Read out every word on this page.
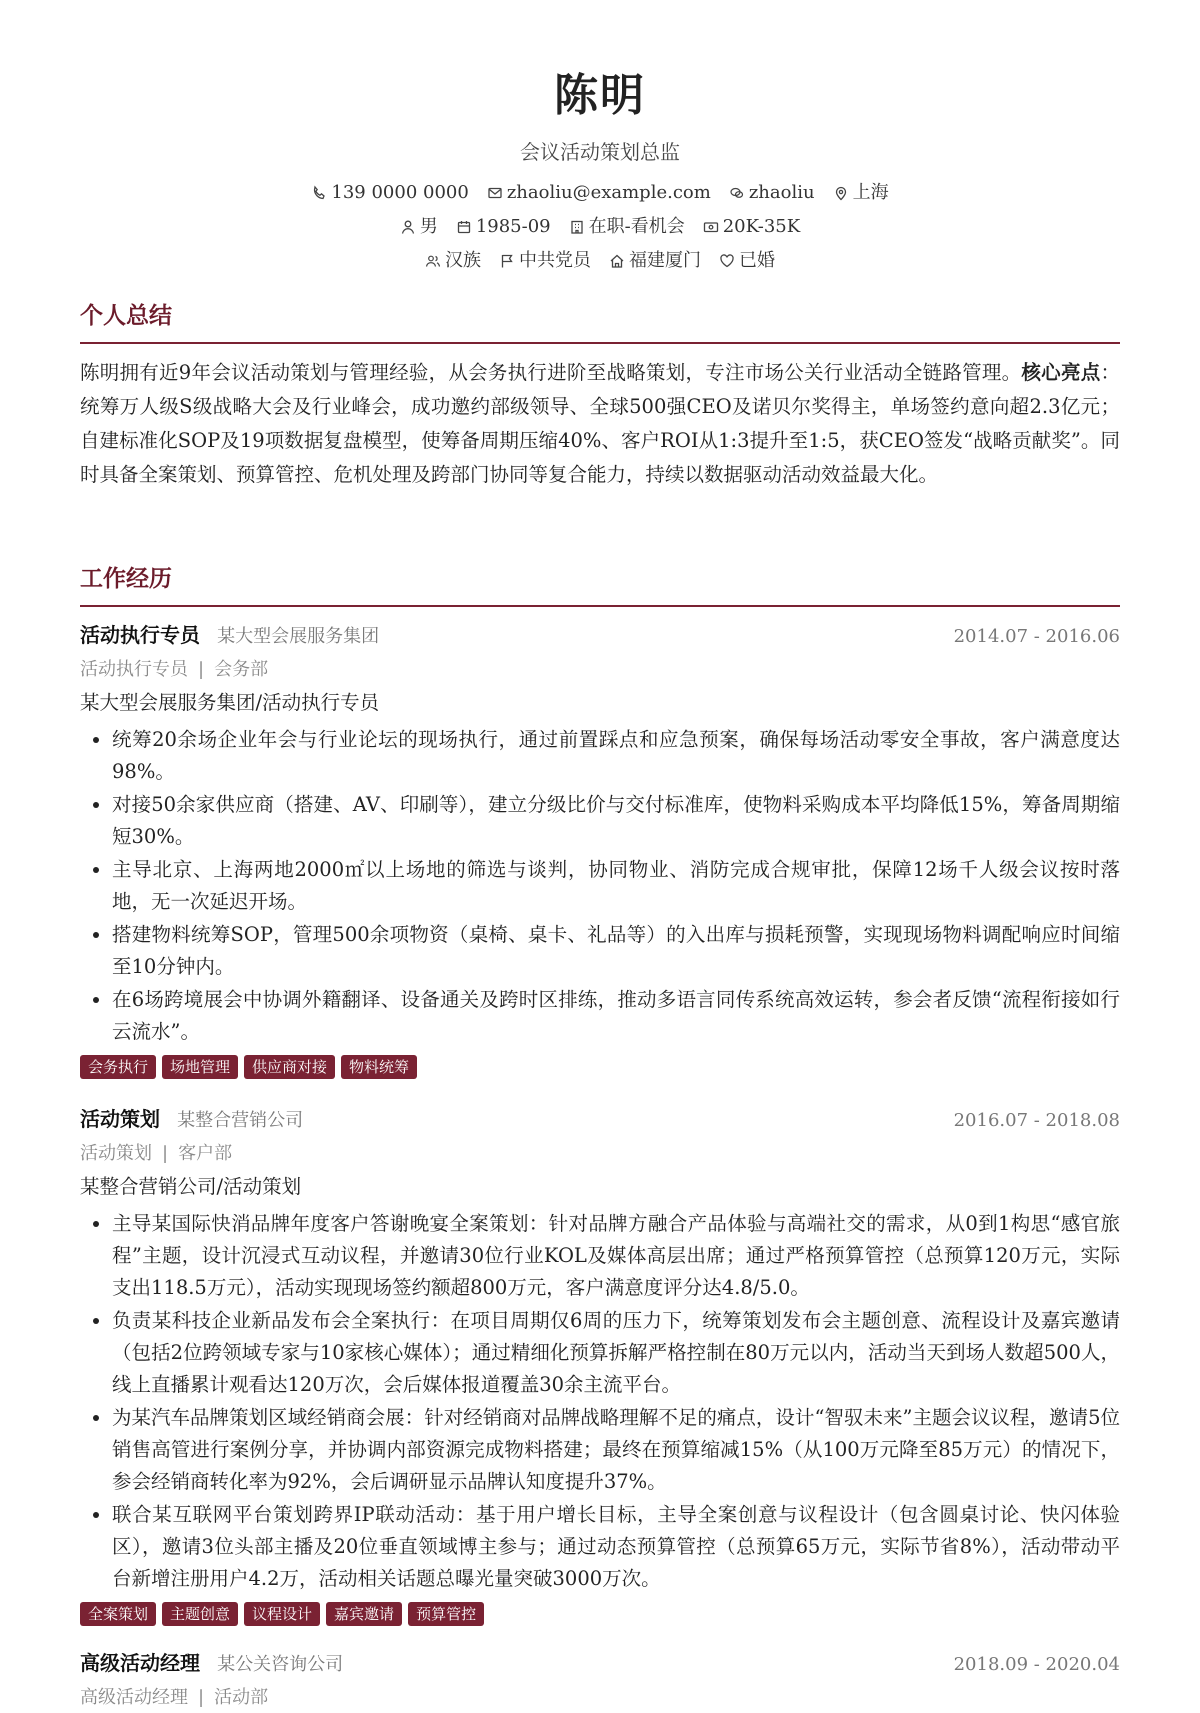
陈明
会议活动策划总监
139 0000 0000 zhaoliu@example.com zhaoliu 上海
男 1985-09 在职-看机会 20K-35K
汉族 中共党员 福建厦门 已婚
个人总结
陈明拥有近9年会议活动策划与管理经验，从会务执行进阶至战略策划，专注市场公关行业活动全链路管理。核心亮点：统筹万人级S级战略大会及行业峰会，成功邀约部级领导、全球500强CEO及诺贝尔奖得主，单场签约意向超2.3亿元；自建标准化SOP及19项数据复盘模型，使筹备周期压缩40%、客户ROI从1:3提升至1:5，获CEO签发“战略贡献奖”。同时具备全案策划、预算管控、危机处理及跨部门协同等复合能力，持续以数据驱动活动效益最大化。
工作经历
活动执行专员 某大型会展服务集团	2014.07 - 2016.06
活动执行专员 | 会务部
某大型会展服务集团/活动执行专员
• 统筹20余场企业年会与行业论坛的现场执行，通过前置踩点和应急预案，确保每场活动零安全事故，客户满意度达98%。
• 对接50余家供应商（搭建、AV、印刷等），建立分级比价与交付标准库，使物料采购成本平均降低15%，筹备周期缩短30%。
• 主导北京、上海两地2000㎡以上场地的筛选与谈判，协同物业、消防完成合规审批，保障12场千人级会议按时落地，无一次延迟开场。
• 搭建物料统筹SOP，管理500余项物资（桌椅、桌卡、礼品等）的入出库与损耗预警，实现现场物料调配响应时间缩至10分钟内。
• 在6场跨境展会中协调外籍翻译、设备通关及跨时区排练，推动多语言同传系统高效运转，参会者反馈“流程衔接如行云流水”。
会务执行	场地管理	供应商对接	物料统筹
活动策划 某整合营销公司	2016.07 - 2018.08
活动策划 | 客户部
某整合营销公司/活动策划
• 主导某国际快消品牌年度客户答谢晚宴全案策划：针对品牌方融合产品体验与高端社交的需求，从0到1构思“感官旅程”主题，设计沉浸式互动议程，并邀请30位行业KOL及媒体高层出席；通过严格预算管控（总预算120万元，实际支出118.5万元），活动实现现场签约额超800万元，客户满意度评分达4.8/5.0。
• 负责某科技企业新品发布会全案执行：在项目周期仅6周的压力下，统筹策划发布会主题创意、流程设计及嘉宾邀请（包括2位跨领域专家与10家核心媒体）；通过精细化预算拆解严格控制在80万元以内，活动当天到场人数超500人，线上直播累计观看达120万次，会后媒体报道覆盖30余主流平台。
• 为某汽车品牌策划区域经销商会展：针对经销商对品牌战略理解不足的痛点，设计“智驭未来”主题会议议程，邀请5位销售高管进行案例分享，并协调内部资源完成物料搭建；最终在预算缩减15%（从100万元降至85万元）的情况下，参会经销商转化率为92%，会后调研显示品牌认知度提升37%。
• 联合某互联网平台策划跨界IP联动活动：基于用户增长目标，主导全案创意与议程设计（包含圆桌讨论、快闪体验区），邀请3位头部主播及20位垂直领域博主参与；通过动态预算管控（总预算65万元，实际节省8%），活动带动平台新增注册用户4.2万，活动相关话题总曝光量突破3000万次。
全案策划	主题创意	议程设计	嘉宾邀请	预算管控
高级活动经理 某公关咨询公司	2018.09 - 2020.04
高级活动经理 | 活动部
